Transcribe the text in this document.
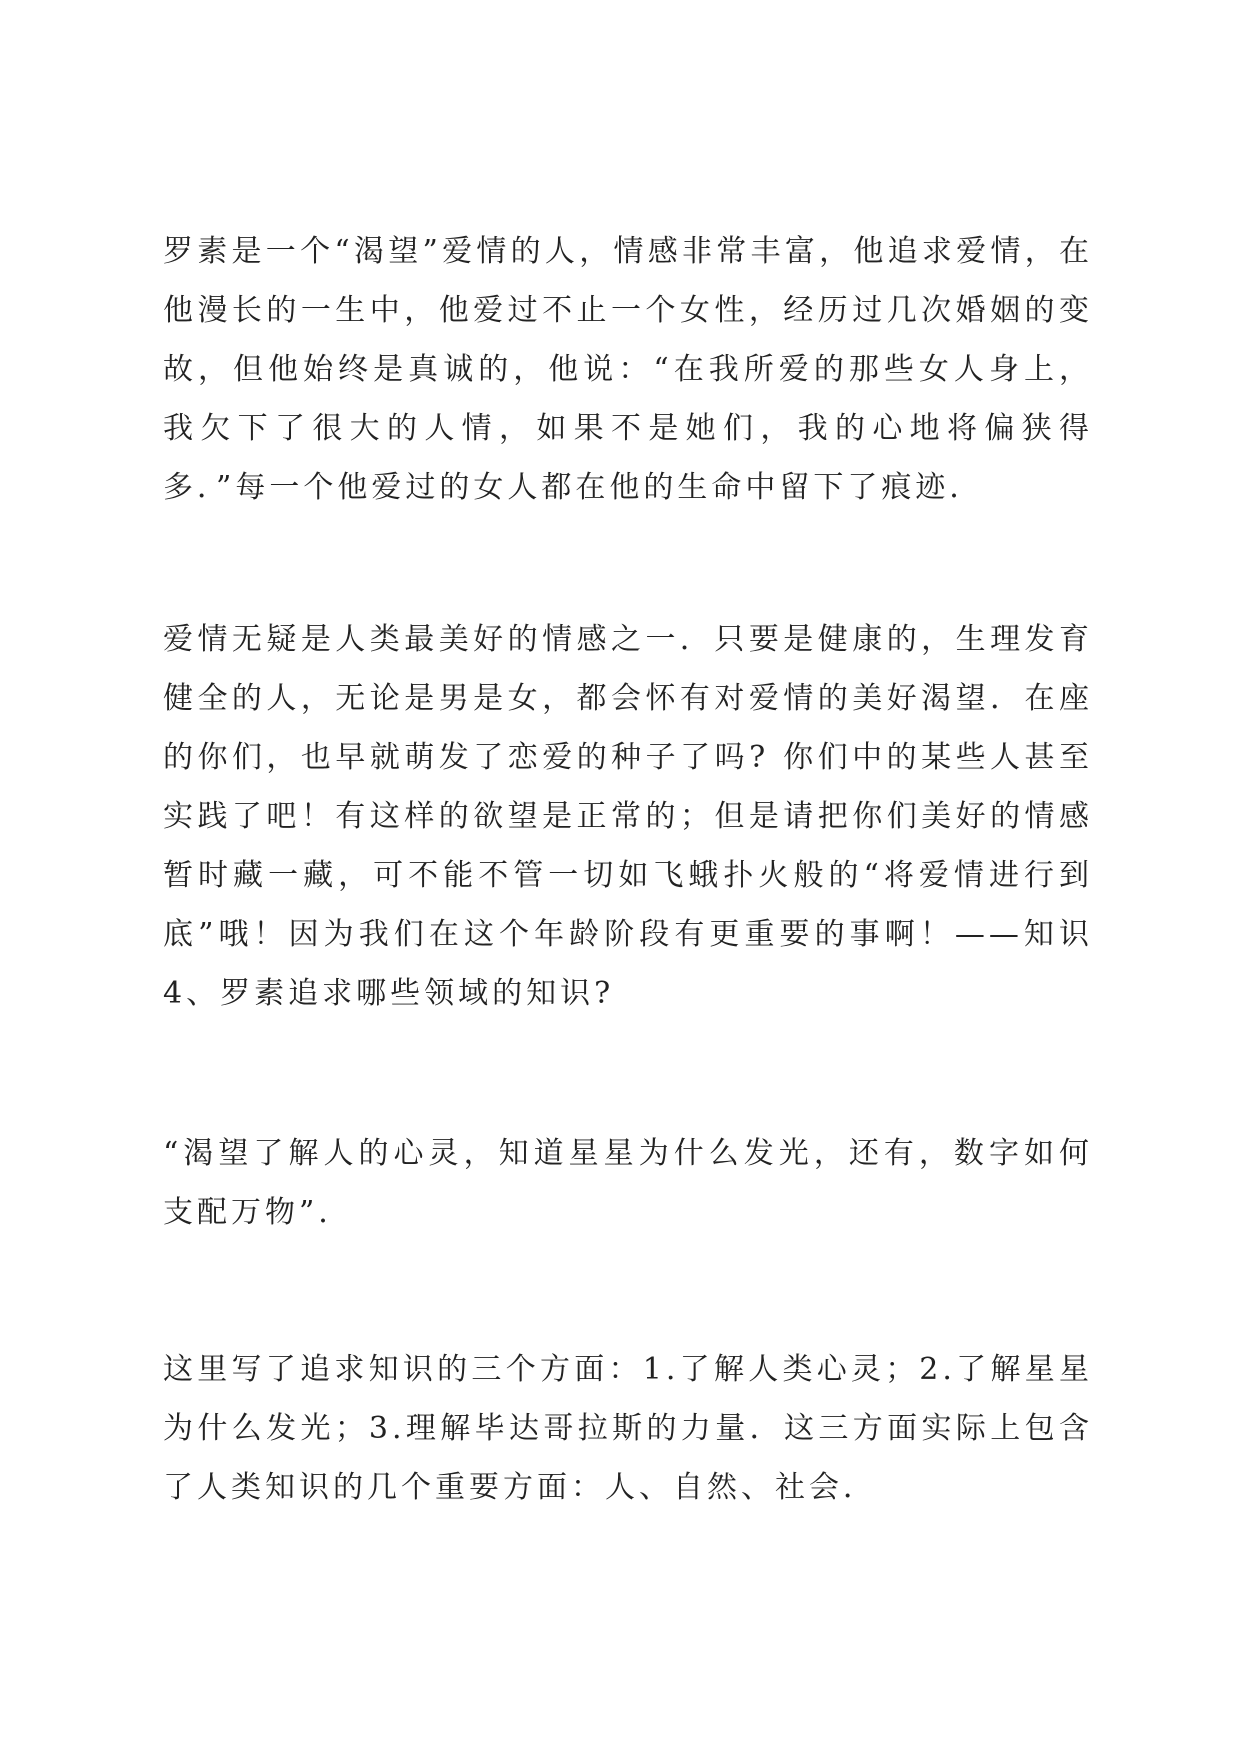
罗素是一个“渴望”爱情的人，情感非常丰富，他追求爱情，在他漫长的一生中，他爱过不止一个女性，经历过几次婚姻的变故，但他始终是真诚的，他说：“在我所爱的那些女人身上，我欠下了很大的人情，如果不是她们，我的心地将偏狭得多．”每一个他爱过的女人都在他的生命中留下了痕迹．

爱情无疑是人类最美好的情感之一．只要是健康的，生理发育健全的人，无论是男是女，都会怀有对爱情的美好渴望．在座的你们，也早就萌发了恋爱的种子了吗? 你们中的某些人甚至实践了吧！有这样的欲望是正常的；但是请把你们美好的情感暂时藏一藏，可不能不管一切如飞蛾扑火般的“将爱情进行到底”哦！因为我们在这个年龄阶段有更重要的事啊！——知识 4、罗素追求哪些领域的知识?

“渴望了解人的心灵，知道星星为什么发光，还有，数字如何支配万物”．

这里写了追求知识的三个方面：1.了解人类心灵；2.了解星星为什么发光；3.理解毕达哥拉斯的力量．这三方面实际上包含了人类知识的几个重要方面：人、自然、社会．
